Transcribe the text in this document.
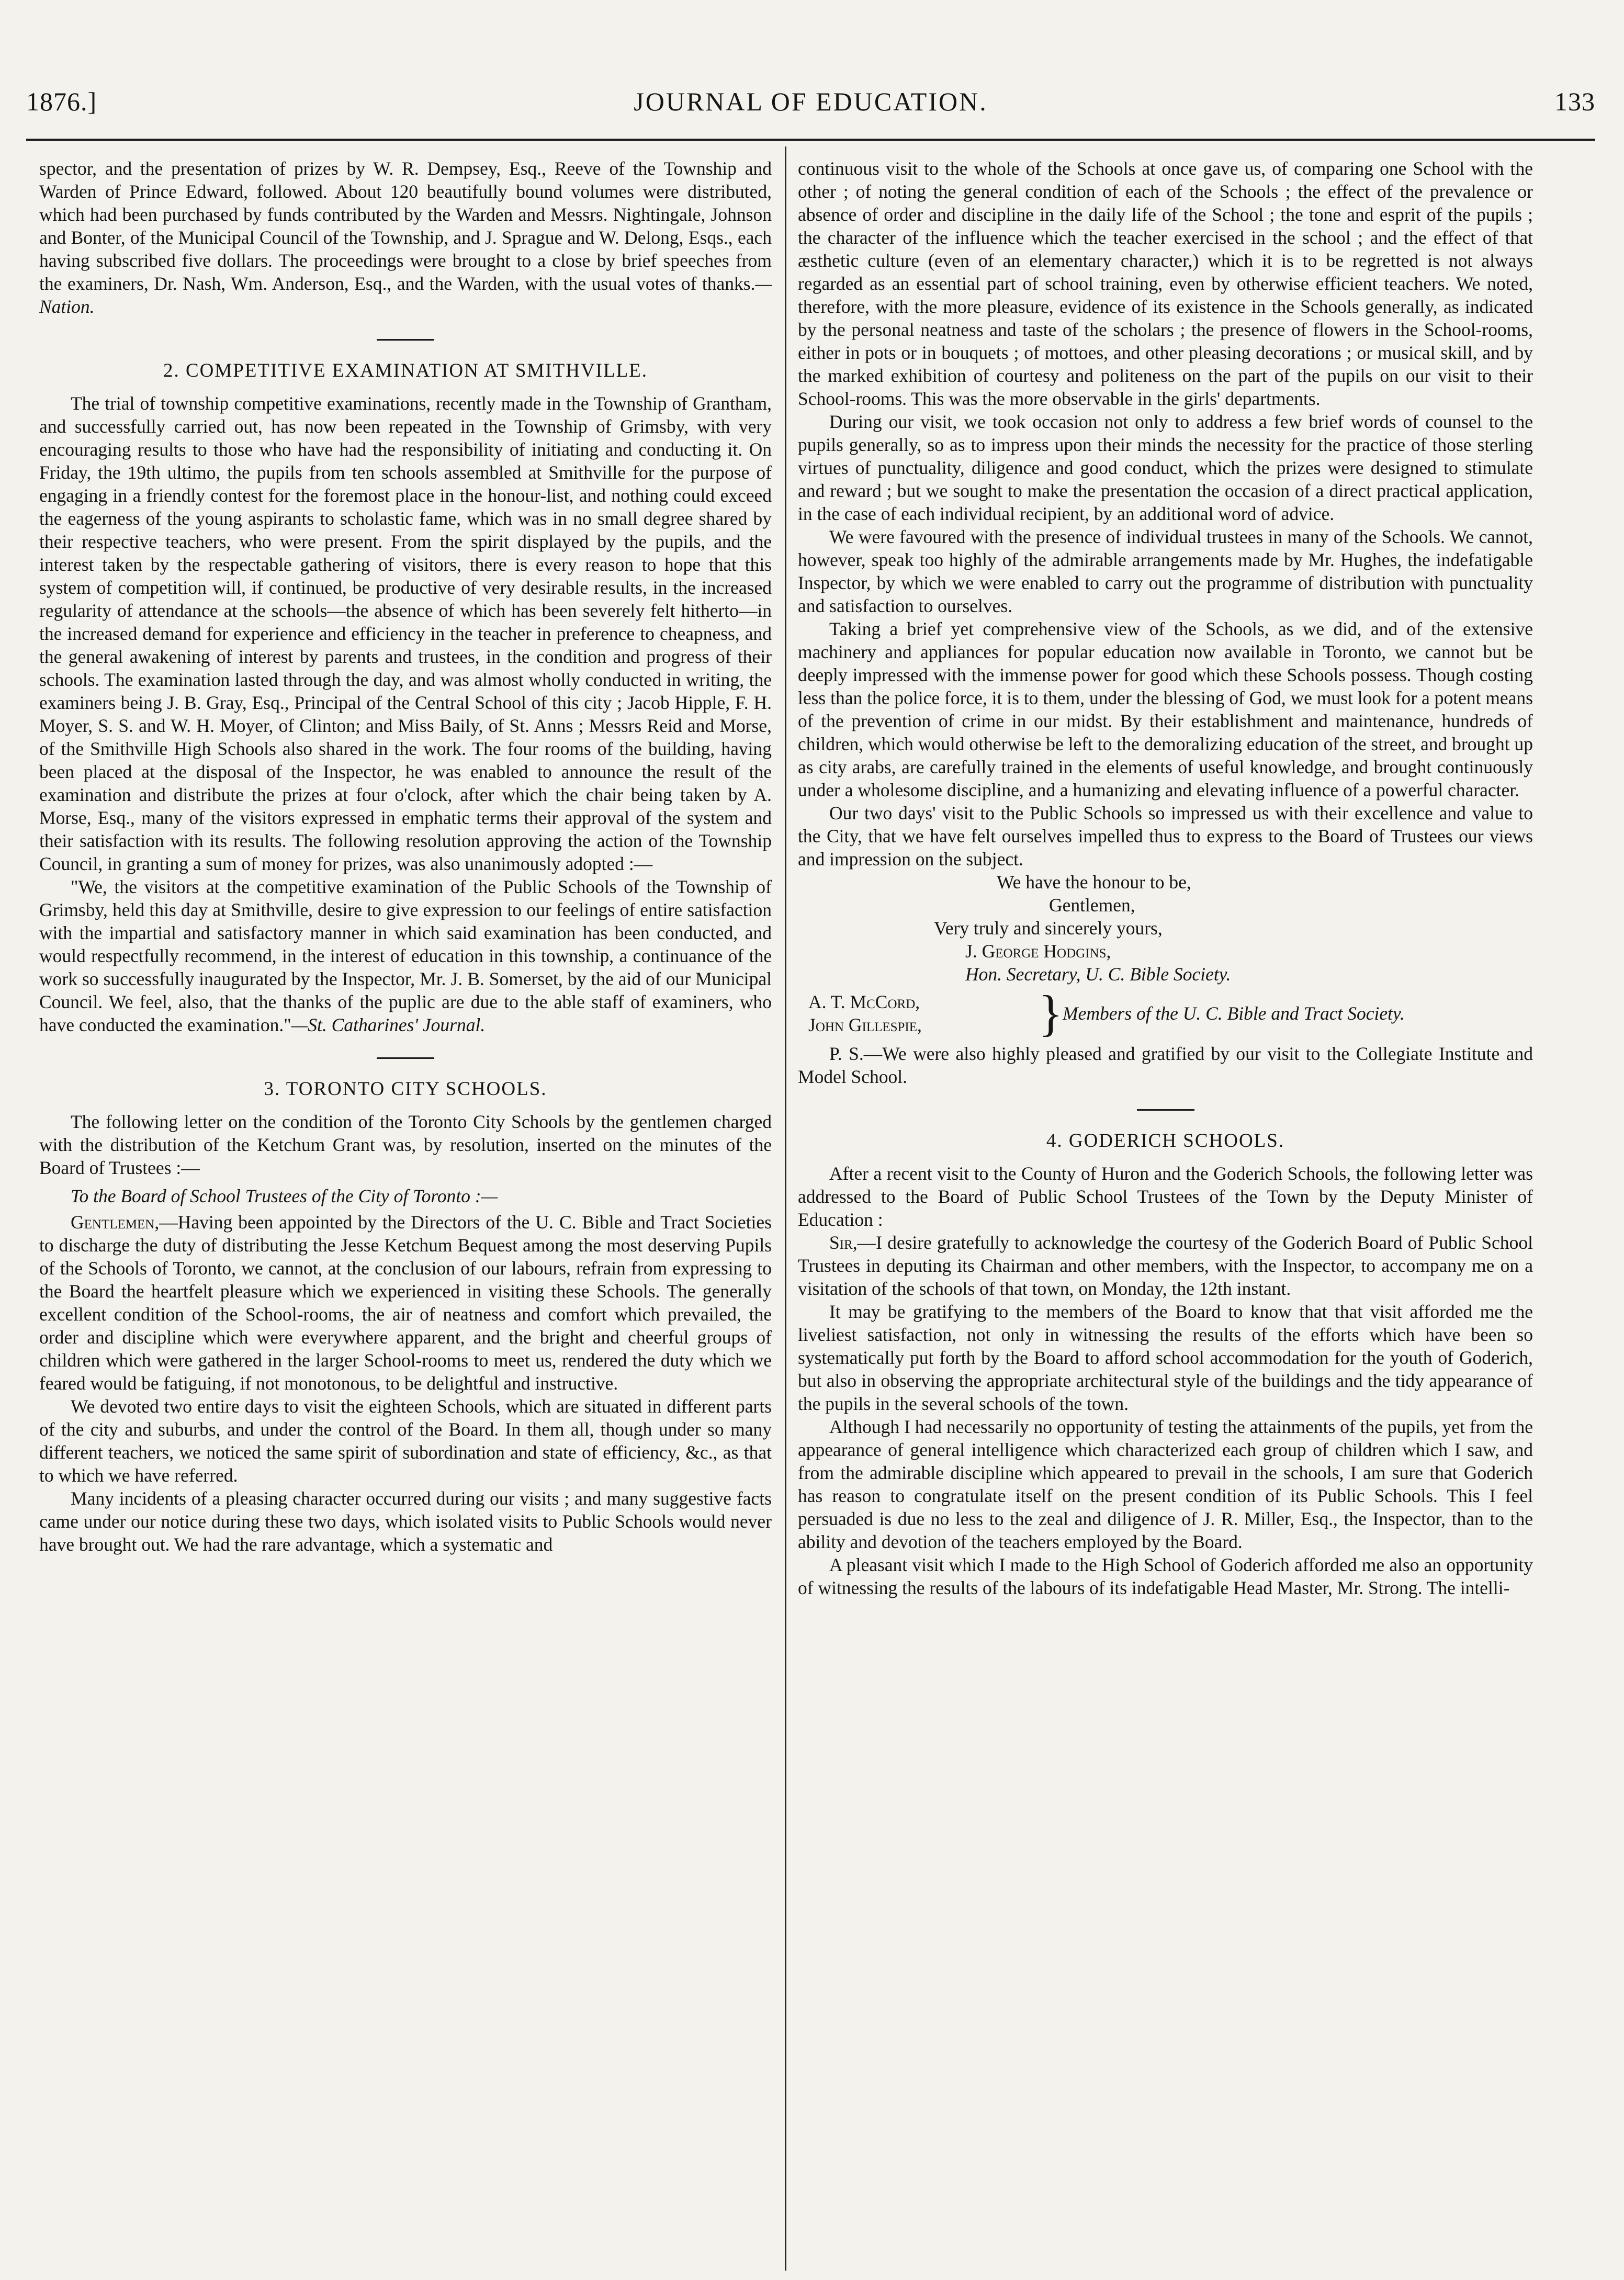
1876.]	JOURNAL OF EDUCATION.	133

spector, and the presentation of prizes by W. R. Dempsey, Esq., Reeve of the Township and Warden of Prince Edward, followed. About 120 beautifully bound volumes were distributed, which had been purchased by funds contributed by the Warden and Messrs. Nightingale, Johnson and Bonter, of the Municipal Council of the Township, and J. Sprague and W. Delong, Esqs., each having subscribed five dollars. The proceedings were brought to a close by brief speeches from the examiners, Dr. Nash, Wm. Anderson, Esq., and the Warden, with the usual votes of thanks.—Nation.

2. COMPETITIVE EXAMINATION AT SMITHVILLE.

The trial of township competitive examinations, recently made in the Township of Grantham, and successfully carried out, has now been repeated in the Township of Grimsby, with very encouraging results to those who have had the responsibility of initiating and conducting it. On Friday, the 19th ultimo, the pupils from ten schools assembled at Smithville for the purpose of engaging in a friendly contest for the foremost place in the honour-list, and nothing could exceed the eagerness of the young aspirants to scholastic fame, which was in no small degree shared by their respective teachers, who were present. From the spirit displayed by the pupils, and the interest taken by the respectable gathering of visitors, there is every reason to hope that this system of competition will, if continued, be productive of very desirable results, in the increased regularity of attendance at the schools—the absence of which has been severely felt hitherto—in the increased demand for experience and efficiency in the teacher in preference to cheapness, and the general awakening of interest by parents and trustees, in the condition and progress of their schools. The examination lasted through the day, and was almost wholly conducted in writing, the examiners being J. B. Gray, Esq., Principal of the Central School of this city ; Jacob Hipple, F. H. Moyer, S. S. and W. H. Moyer, of Clinton; and Miss Baily, of St. Anns ; Messrs Reid and Morse, of the Smithville High Schools also shared in the work. The four rooms of the building, having been placed at the disposal of the Inspector, he was enabled to announce the result of the examination and distribute the prizes at four o'clock, after which the chair being taken by A. Morse, Esq., many of the visitors expressed in emphatic terms their approval of the system and their satisfaction with its results. The following resolution approving the action of the Township Council, in granting a sum of money for prizes, was also unanimously adopted :—

"We, the visitors at the competitive examination of the Public Schools of the Township of Grimsby, held this day at Smithville, desire to give expression to our feelings of entire satisfaction with the impartial and satisfactory manner in which said examination has been conducted, and would respectfully recommend, in the interest of education in this township, a continuance of the work so successfully inaugurated by the Inspector, Mr. J. B. Somerset, by the aid of our Municipal Council. We feel, also, that the thanks of the puplic are due to the able staff of examiners, who have conducted the examination."—St. Catharines' Journal.

3. TORONTO CITY SCHOOLS.

The following letter on the condition of the Toronto City Schools by the gentlemen charged with the distribution of the Ketchum Grant was, by resolution, inserted on the minutes of the Board of Trustees :—

To the Board of School Trustees of the City of Toronto :—

Gentlemen,—Having been appointed by the Directors of the U. C. Bible and Tract Societies to discharge the duty of distributing the Jesse Ketchum Bequest among the most deserving Pupils of the Schools of Toronto, we cannot, at the conclusion of our labours, refrain from expressing to the Board the heartfelt pleasure which we experienced in visiting these Schools. The generally excellent condition of the School-rooms, the air of neatness and comfort which prevailed, the order and discipline which were everywhere apparent, and the bright and cheerful groups of children which were gathered in the larger School-rooms to meet us, rendered the duty which we feared would be fatiguing, if not monotonous, to be delightful and instructive.

We devoted two entire days to visit the eighteen Schools, which are situated in different parts of the city and suburbs, and under the control of the Board. In them all, though under so many different teachers, we noticed the same spirit of subordination and state of efficiency, &c., as that to which we have referred.

Many incidents of a pleasing character occurred during our visits ; and many suggestive facts came under our notice during these two days, which isolated visits to Public Schools would never have brought out. We had the rare advantage, which a systematic and

continuous visit to the whole of the Schools at once gave us, of comparing one School with the other ; of noting the general condition of each of the Schools ; the effect of the prevalence or absence of order and discipline in the daily life of the School ; the tone and esprit of the pupils ; the character of the influence which the teacher exercised in the school ; and the effect of that æsthetic culture (even of an elementary character,) which it is to be regretted is not always regarded as an essential part of school training, even by otherwise efficient teachers. We noted, therefore, with the more pleasure, evidence of its existence in the Schools generally, as indicated by the personal neatness and taste of the scholars ; the presence of flowers in the School-rooms, either in pots or in bouquets ; of mottoes, and other pleasing decorations ; or musical skill, and by the marked exhibition of courtesy and politeness on the part of the pupils on our visit to their School-rooms. This was the more observable in the girls' departments.

During our visit, we took occasion not only to address a few brief words of counsel to the pupils generally, so as to impress upon their minds the necessity for the practice of those sterling virtues of punctuality, diligence and good conduct, which the prizes were designed to stimulate and reward ; but we sought to make the presentation the occasion of a direct practical application, in the case of each individual recipient, by an additional word of advice.

We were favoured with the presence of individual trustees in many of the Schools. We cannot, however, speak too highly of the admirable arrangements made by Mr. Hughes, the indefatigable Inspector, by which we were enabled to carry out the programme of distribution with punctuality and satisfaction to ourselves.

Taking a brief yet comprehensive view of the Schools, as we did, and of the extensive machinery and appliances for popular education now available in Toronto, we cannot but be deeply impressed with the immense power for good which these Schools possess. Though costing less than the police force, it is to them, under the blessing of God, we must look for a potent means of the prevention of crime in our midst. By their establishment and maintenance, hundreds of children, which would otherwise be left to the demoralizing education of the street, and brought up as city arabs, are carefully trained in the elements of useful knowledge, and brought continuously under a wholesome discipline, and a humanizing and elevating influence of a powerful character.

Our two days' visit to the Public Schools so impressed us with their excellence and value to the City, that we have felt ourselves impelled thus to express to the Board of Trustees our views and impression on the subject.

We have the honour to be,
Gentlemen,
Very truly and sincerely yours,
J. George Hodgins,
Hon. Secretary, U. C. Bible Society.
A. T. McCord,
John Gillespie,	} Members of the U. C. Bible and Tract Society.

P. S.—We were also highly pleased and gratified by our visit to the Collegiate Institute and Model School.

4. GODERICH SCHOOLS.

After a recent visit to the County of Huron and the Goderich Schools, the following letter was addressed to the Board of Public School Trustees of the Town by the Deputy Minister of Education :

Sir,—I desire gratefully to acknowledge the courtesy of the Goderich Board of Public School Trustees in deputing its Chairman and other members, with the Inspector, to accompany me on a visitation of the schools of that town, on Monday, the 12th instant.

It may be gratifying to the members of the Board to know that that visit afforded me the liveliest satisfaction, not only in witnessing the results of the efforts which have been so systematically put forth by the Board to afford school accommodation for the youth of Goderich, but also in observing the appropriate architectural style of the buildings and the tidy appearance of the pupils in the several schools of the town.

Although I had necessarily no opportunity of testing the attainments of the pupils, yet from the appearance of general intelligence which characterized each group of children which I saw, and from the admirable discipline which appeared to prevail in the schools, I am sure that Goderich has reason to congratulate itself on the present condition of its Public Schools. This I feel persuaded is due no less to the zeal and diligence of J. R. Miller, Esq., the Inspector, than to the ability and devotion of the teachers employed by the Board.

A pleasant visit which I made to the High School of Goderich afforded me also an opportunity of witnessing the results of the labours of its indefatigable Head Master, Mr. Strong. The intelli-
